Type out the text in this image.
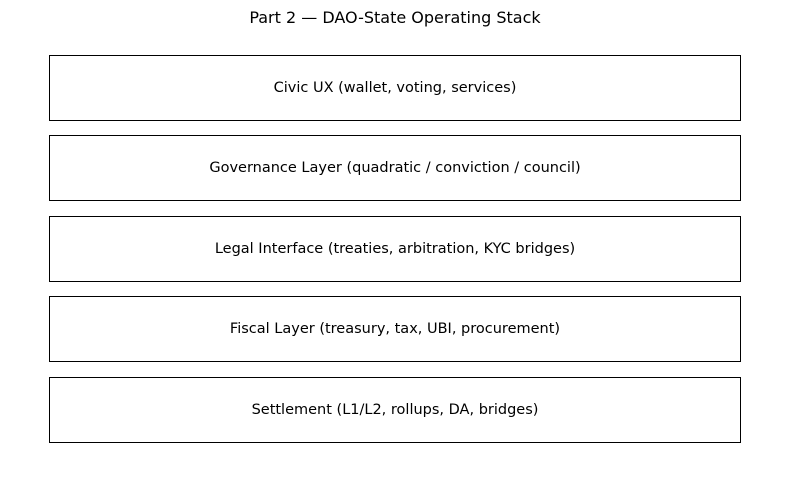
Part 2 — DAO-State Operating Stack
Civic UX (wallet, voting, services)
Governance Layer (quadratic / conviction / council)
Legal Interface (treaties, arbitration, KYC bridges)
Fiscal Layer (treasury, tax, UBI, procurement)
Settlement (L1/L2, rollups, DA, bridges)
